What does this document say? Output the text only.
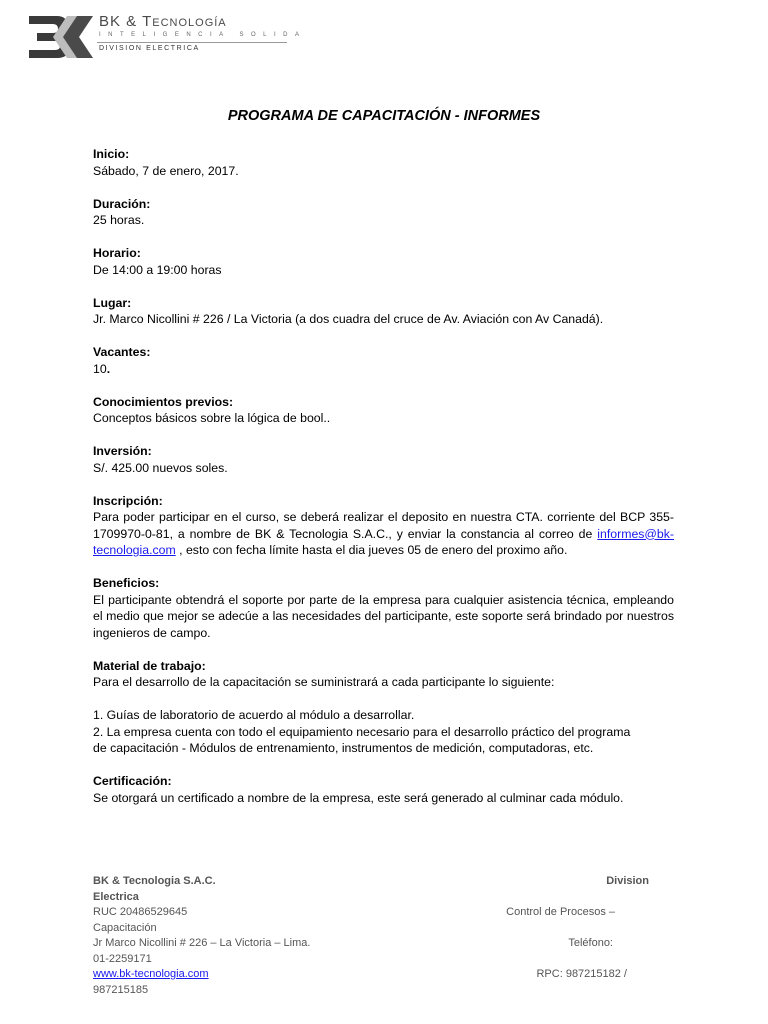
BK & Tecnología
INTELIGENCIA SOLIDA
DIVISION ELECTRICA
PROGRAMA DE CAPACITACIÓN - INFORMES
Inicio:
Sábado, 7 de enero, 2017.
Duración:
25 horas.
Horario:
De 14:00 a 19:00 horas
Lugar:
Jr. Marco Nicollini # 226 / La Victoria (a dos cuadra del cruce de Av. Aviación con Av Canadá).
Vacantes:
10.
Conocimientos previos:
Conceptos básicos sobre la lógica de bool..
Inversión:
S/. 425.00 nuevos soles.
Inscripción:
Para poder participar en el curso, se deberá realizar el deposito en nuestra CTA. corriente del BCP 355-1709970-0-81, a nombre de BK & Tecnologia S.A.C., y enviar la constancia al correo de informes@bk-tecnologia.com , esto con fecha límite hasta el dia jueves 05 de enero del proximo año.
Beneficios:
El participante obtendrá el soporte por parte de la empresa para cualquier asistencia técnica, empleando el medio que mejor se adecúe a las necesidades del participante, este soporte será brindado por nuestros ingenieros de campo.
Material de trabajo:
Para el desarrollo de la capacitación se suministrará a cada participante lo siguiente:
1. Guías de laboratorio de acuerdo al módulo a desarrollar.
2. La empresa cuenta con todo el equipamiento necesario para el desarrollo práctico del programa
de capacitación - Módulos de entrenamiento, instrumentos de medición, computadoras, etc.
Certificación:
Se otorgará un certificado a nombre de la empresa, este será generado al culminar cada módulo.
BK & Tecnologia S.A.C.	Division
Electrica
RUC 20486529645	Control de Procesos –
Capacitación
Jr Marco Nicollini # 226 – La Victoria – Lima.	Teléfono:
01-2259171
www.bk-tecnologia.com	RPC: 987215182 /
987215185
